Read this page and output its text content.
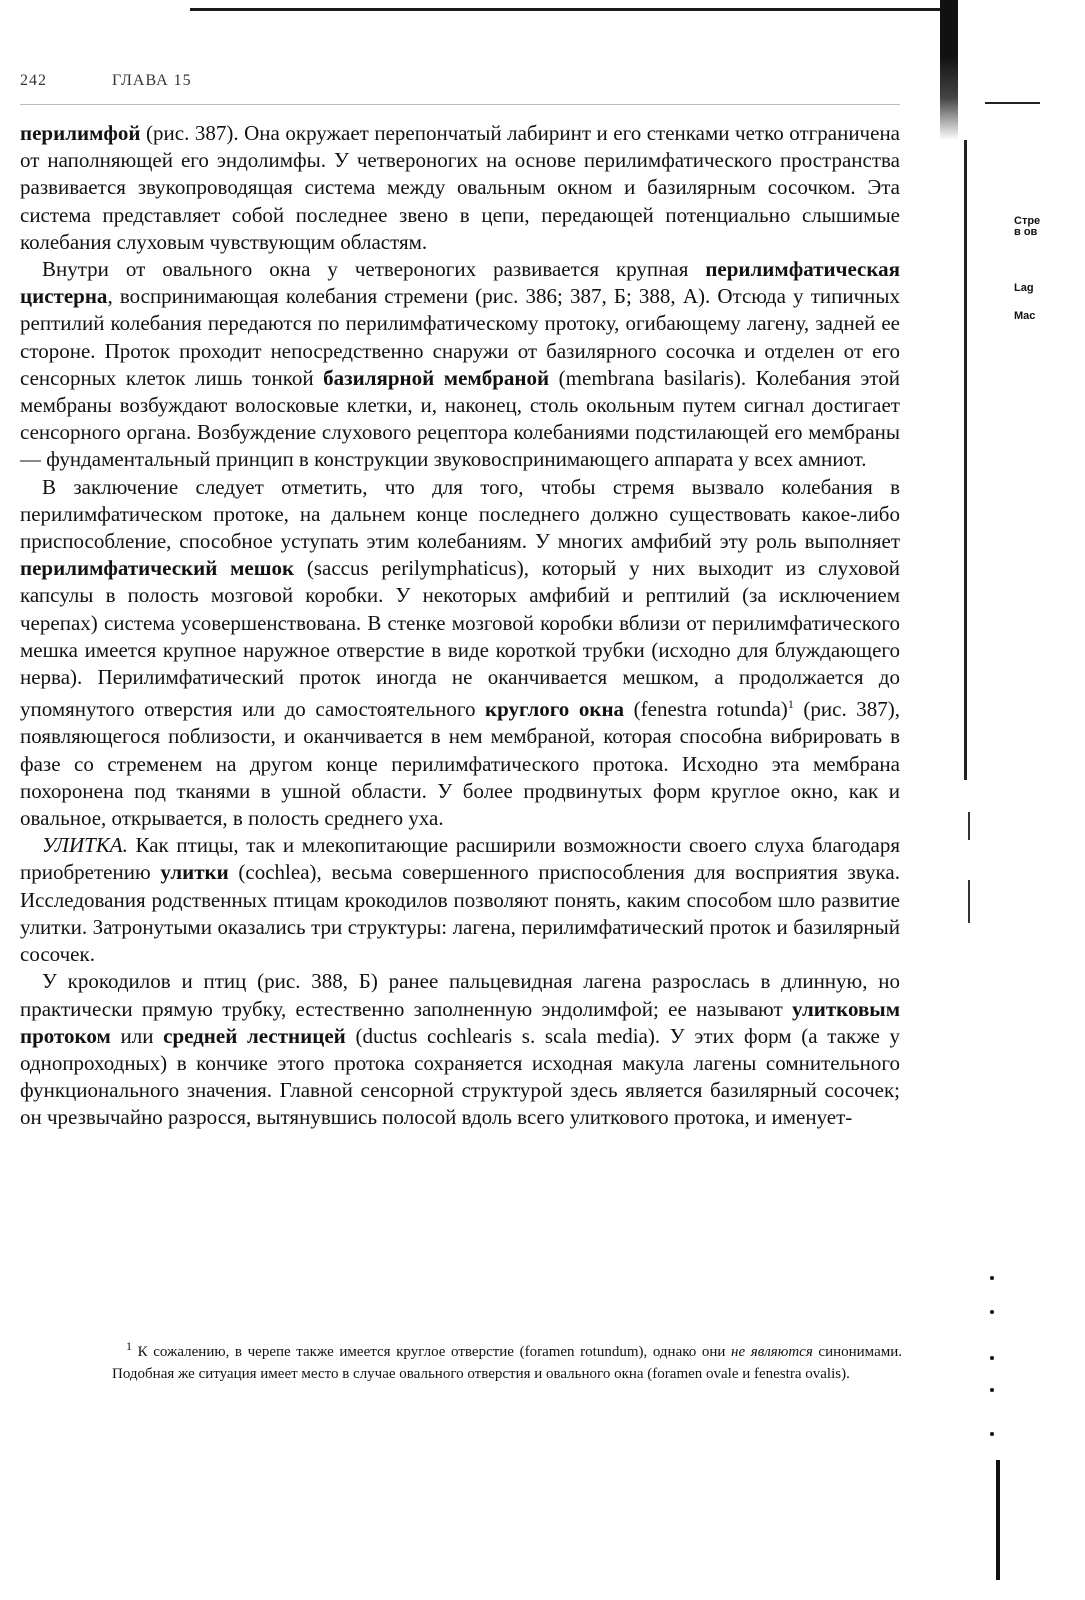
242	ГЛАВА 15

перилимфой (рис. 387). Она окружает перепончатый лабиринт и его стенками четко отграничена от наполняющей его эндолимфы. У четвероногих на основе перилимфатического пространства развивается звукопроводящая система между овальным окном и базилярным сосочком. Эта система представляет собой последнее звено в цепи, передающей потенциально слышимые колебания слуховым чувствующим областям.

Внутри от овального окна у четвероногих развивается крупная перилимфатическая цистерна, воспринимающая колебания стремени (рис. 386; 387, Б; 388, А). Отсюда у типичных рептилий колебания передаются по перилимфатическому протоку, огибающему лагену, задней ее стороне. Проток проходит непосредственно снаружи от базилярного сосочка и отделен от его сенсорных клеток лишь тонкой базилярной мембраной (membrana basilaris). Колебания этой мембраны возбуждают волосковые клетки, и, наконец, столь окольным путем сигнал достигает сенсорного органа. Возбуждение слухового рецептора колебаниями подстилающей его мембраны — фундаментальный принцип в конструкции звуковоспринимающего аппарата у всех амниот.

В заключение следует отметить, что для того, чтобы стремя вызвало колебания в перилимфатическом протоке, на дальнем конце последнего должно существовать какое-либо приспособление, способное уступать этим колебаниям. У многих амфибий эту роль выполняет перилимфатический мешок (saccus perilymphaticus), который у них выходит из слуховой капсулы в полость мозговой коробки. У некоторых амфибий и рептилий (за исключением черепах) система усовершенствована. В стенке мозговой коробки вблизи от перилимфатического мешка имеется крупное наружное отверстие в виде короткой трубки (исходно для блуждающего нерва). Перилимфатический проток иногда не оканчивается мешком, а продолжается до упомянутого отверстия или до самостоятельного круглого окна (fenestra rotunda)$^1$ (рис. 387), появляющегося поблизости, и оканчивается в нем мембраной, которая способна вибрировать в фазе со стременем на другом конце перилимфатического протока. Исходно эта мембрана похоронена под тканями в ушной области. У более продвинутых форм круглое окно, как и овальное, открывается, в полость среднего уха.

УЛИТКА. Как птицы, так и млекопитающие расширили возможности своего слуха благодаря приобретению улитки (cochlea), весьма совершенного приспособления для восприятия звука. Исследования родственных птицам крокодилов позволяют понять, каким способом шло развитие улитки. Затронутыми оказались три структуры: лагена, перилимфатический проток и базилярный сосочек.

У крокодилов и птиц (рис. 388, Б) ранее пальцевидная лагена разрослась в длинную, но практически прямую трубку, естественно заполненную эндолимфой; ее называют улитковым протоком или средней лестницей (ductus cochlearis s. scala media). У этих форм (а также у однопроходных) в кончике этого протока сохраняется исходная макула лагены сомнительного функционального значения. Главной сенсорной структурой здесь является базилярный сосочек; он чрезвычайно разросся, вытянувшись полосой вдоль всего улиткового протока, и именует-

$^1$ К сожалению, в черепе также имеется круглое отверстие (foramen rotundum), однако они не являются синонимами. Подобная же ситуация имеет место в случае овального отверстия и овального окна (foramen ovale и fenestra ovalis).
Стре в ов
Lag
Mac
